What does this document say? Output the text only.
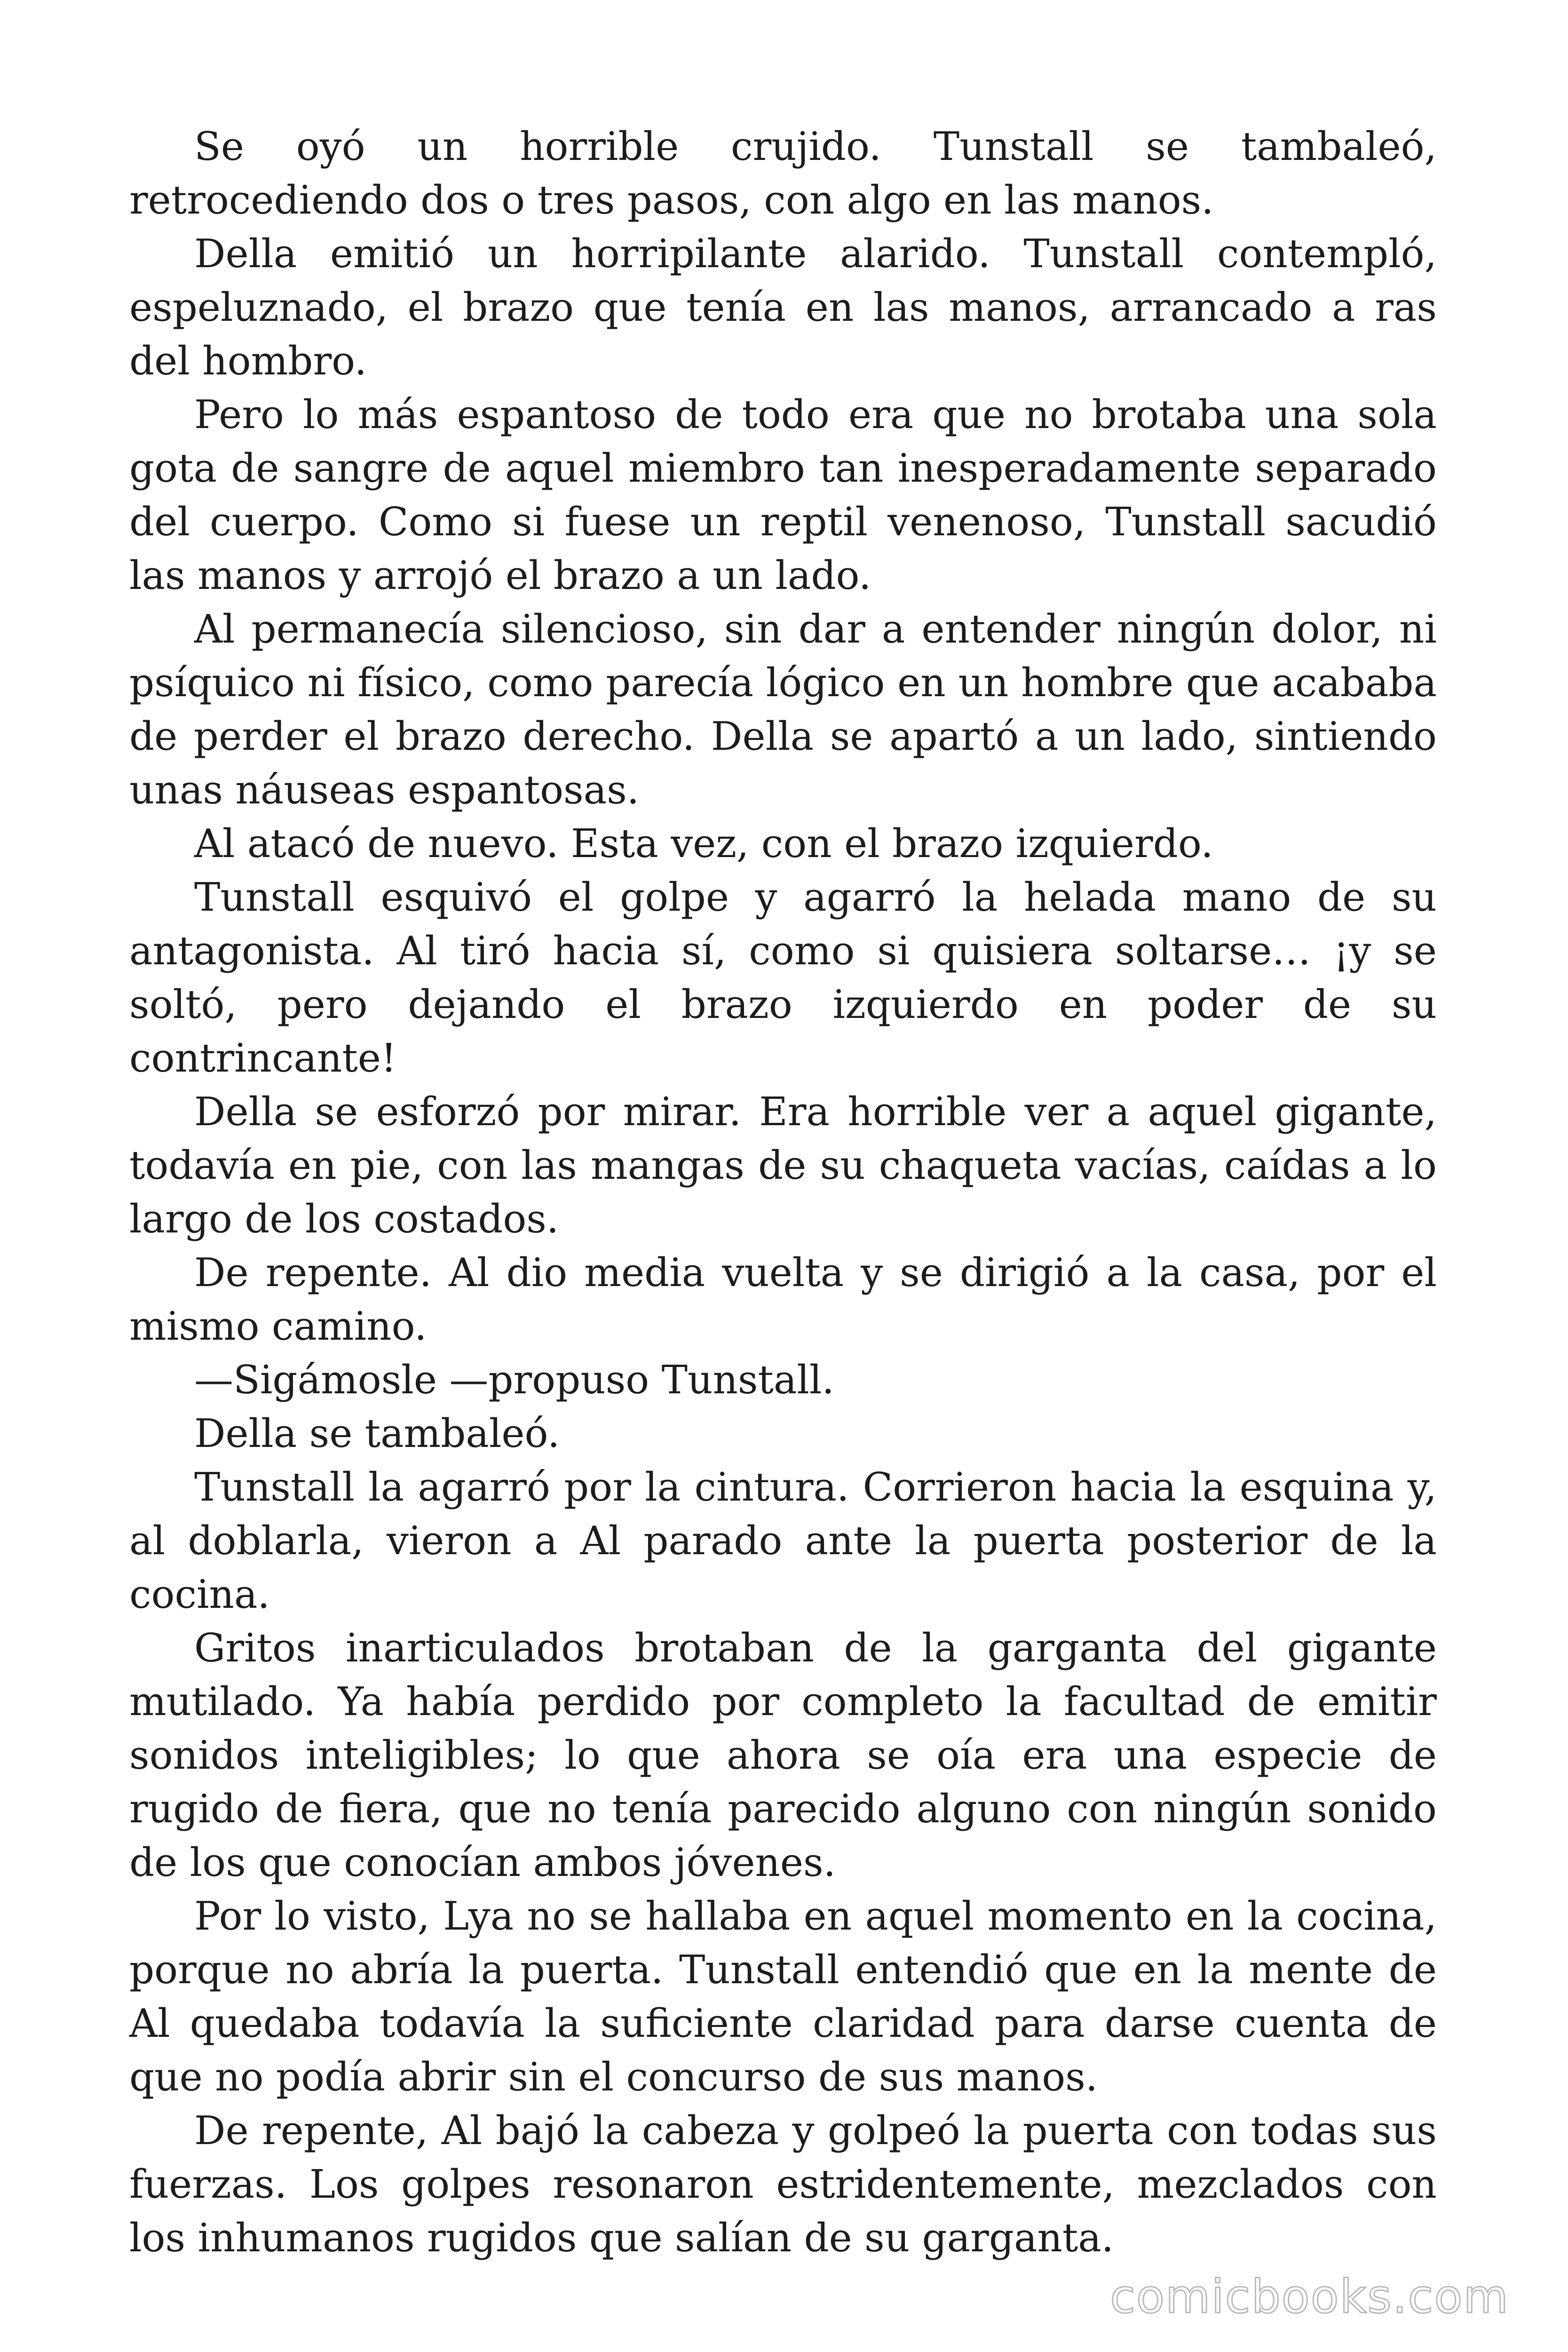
Se oyó un horrible crujido. Tunstall se tambaleó, retrocediendo dos o tres pasos, con algo en las manos.

Della emitió un horripilante alarido. Tunstall contempló, espeluznado, el brazo que tenía en las manos, arrancado a ras del hombro.

Pero lo más espantoso de todo era que no brotaba una sola gota de sangre de aquel miembro tan inesperadamente separado del cuerpo. Como si fuese un reptil venenoso, Tunstall sacudió las manos y arrojó el brazo a un lado.

Al permanecía silencioso, sin dar a entender ningún dolor, ni psíquico ni físico, como parecía lógico en un hombre que acababa de perder el brazo derecho. Della se apartó a un lado, sintiendo unas náuseas espantosas.

Al atacó de nuevo. Esta vez, con el brazo izquierdo.

Tunstall esquivó el golpe y agarró la helada mano de su antagonista. Al tiró hacia sí, como si quisiera soltarse… ¡y se soltó, pero dejando el brazo izquierdo en poder de su contrincante!

Della se esforzó por mirar. Era horrible ver a aquel gigante, todavía en pie, con las mangas de su chaqueta vacías, caídas a lo largo de los costados.

De repente. Al dio media vuelta y se dirigió a la casa, por el mismo camino.

—Sigámosle —propuso Tunstall.

Della se tambaleó.

Tunstall la agarró por la cintura. Corrieron hacia la esquina y, al doblarla, vieron a Al parado ante la puerta posterior de la cocina.

Gritos inarticulados brotaban de la garganta del gigante mutilado. Ya había perdido por completo la facultad de emitir sonidos inteligibles; lo que ahora se oía era una especie de rugido de fiera, que no tenía parecido alguno con ningún sonido de los que conocían ambos jóvenes.

Por lo visto, Lya no se hallaba en aquel momento en la cocina, porque no abría la puerta. Tunstall entendió que en la mente de Al quedaba todavía la suficiente claridad para darse cuenta de que no podía abrir sin el concurso de sus manos.

De repente, Al bajó la cabeza y golpeó la puerta con todas sus fuerzas. Los golpes resonaron estridentemente, mezclados con los inhumanos rugidos que salían de su garganta.

comicbooks.com
